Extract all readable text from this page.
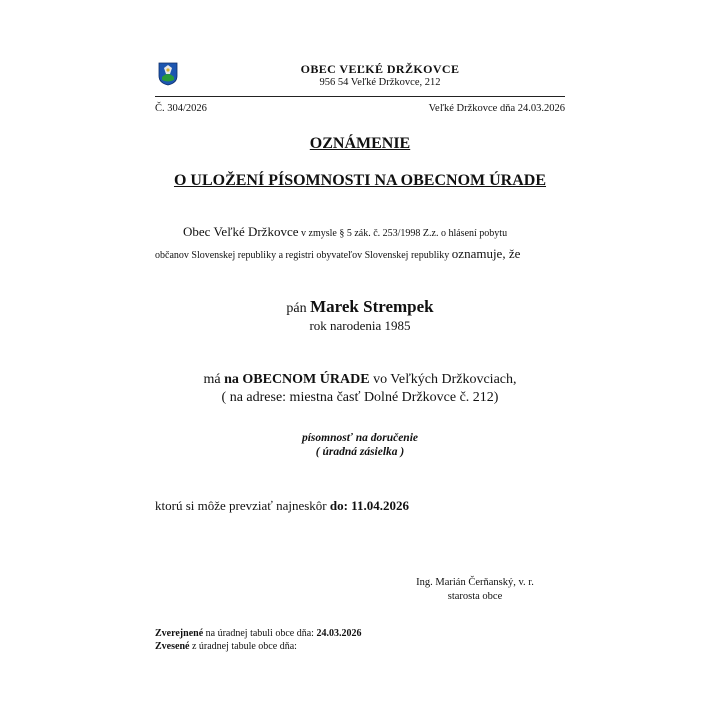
OBEC VEĽKÉ DRŽKOVCE
956 54 Veľké Držkovce, 212
Č. 304/2026	Veľké Držkovce dňa 24.03.2026
OZNÁMENIE
O ULOŽENÍ PÍSOMNOSTI NA OBECNOM ÚRADE
Obec Veľké Držkovce v zmysle § 5 zák. č. 253/1998 Z.z. o hlásení pobytu
občanov Slovenskej republiky a registri obyvateľov Slovenskej republiky oznamuje, že
pán Marek Strempek
rok narodenia 1985
má na OBECNOM ÚRADE vo Veľkých Držkovciach,
( na adrese: miestna časť Dolné Držkovce č. 212)
písomnosť na doručenie
( úradná zásielka )
ktorú si môže prevziať najneskôr do: 11.04.2026
Ing. Marián Čerňanský, v. r.
starosta obce
Zverejnené na úradnej tabuli obce dňa: 24.03.2026
Zvesené z úradnej tabule obce dňa:
